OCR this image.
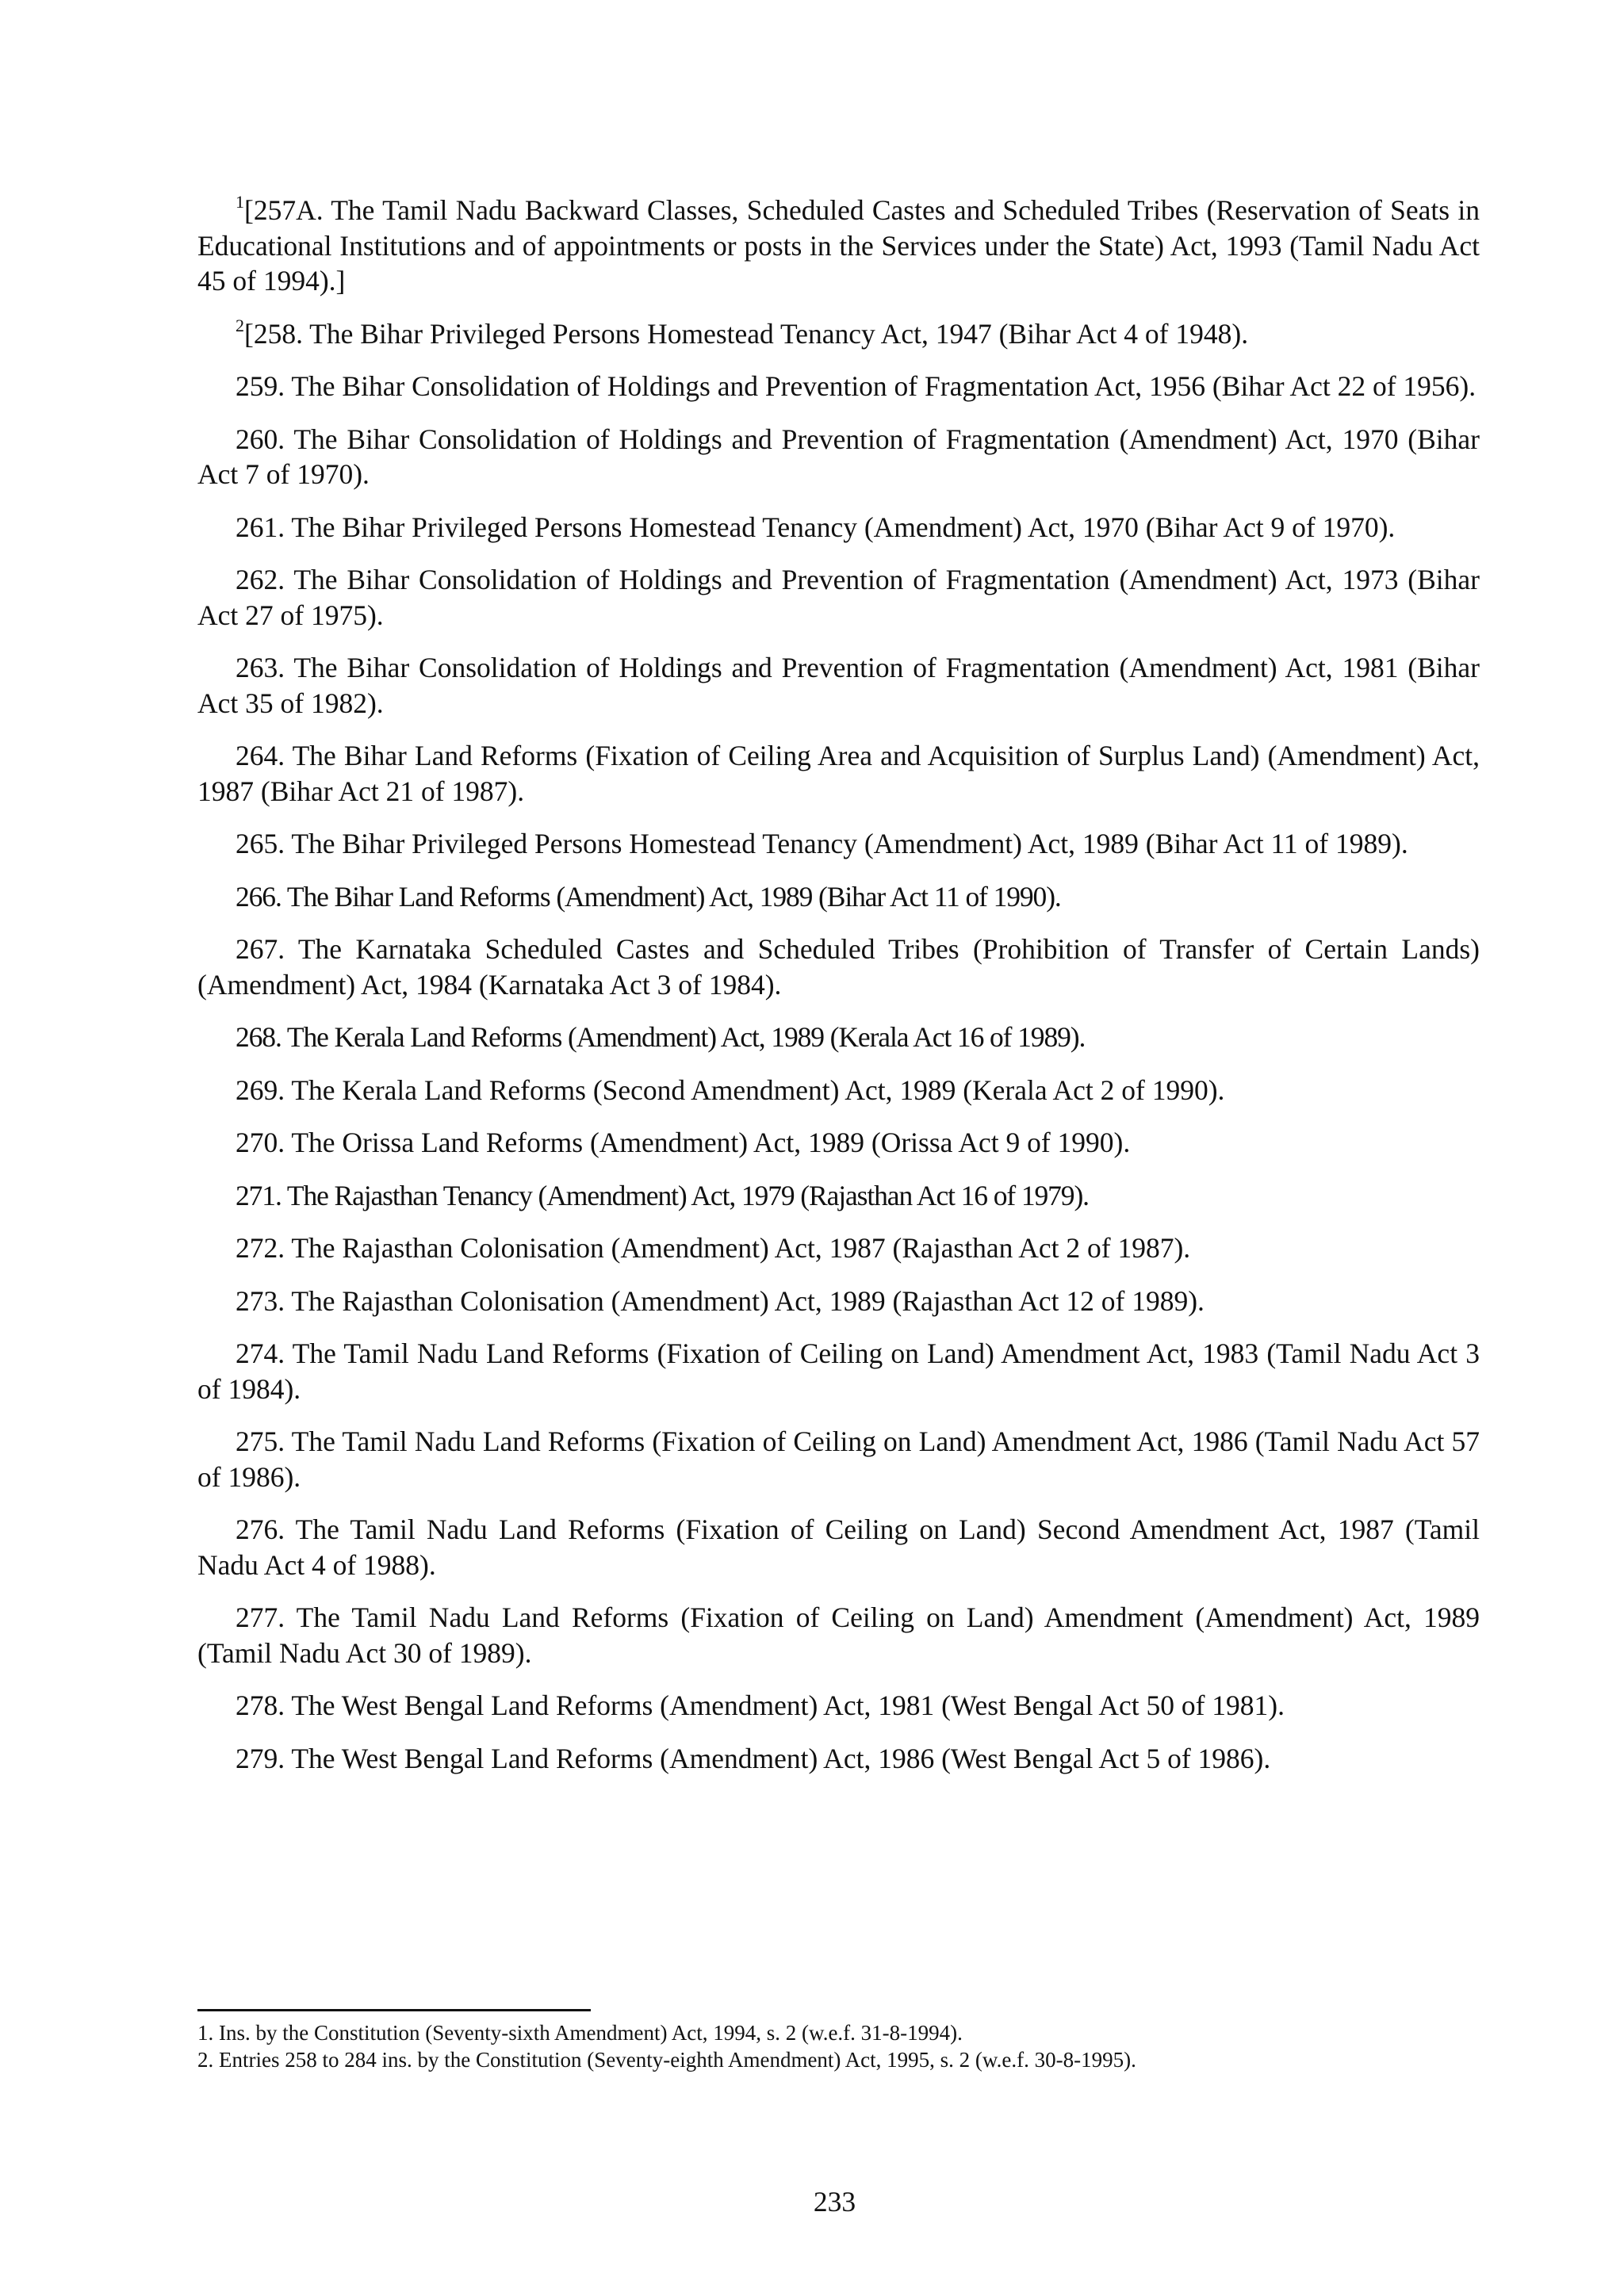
$^1$[257A. The Tamil Nadu Backward Classes, Scheduled Castes and Scheduled Tribes (Reservation of Seats in Educational Institutions and of appointments or posts in the Services under the State) Act, 1993 (Tamil Nadu Act 45 of 1994).]

$^2$[258. The Bihar Privileged Persons Homestead Tenancy Act, 1947 (Bihar Act 4 of 1948).

259. The Bihar Consolidation of Holdings and Prevention of Fragmentation Act, 1956 (Bihar Act 22 of 1956).

260. The Bihar Consolidation of Holdings and Prevention of Fragmentation (Amendment) Act, 1970 (Bihar Act 7 of 1970).

261. The Bihar Privileged Persons Homestead Tenancy (Amendment) Act, 1970 (Bihar Act 9 of 1970).

262. The Bihar Consolidation of Holdings and Prevention of Fragmentation (Amendment) Act, 1973 (Bihar Act 27 of 1975).

263. The Bihar Consolidation of Holdings and Prevention of Fragmentation (Amendment) Act, 1981 (Bihar Act 35 of 1982).

264. The Bihar Land Reforms (Fixation of Ceiling Area and Acquisition of Surplus Land) (Amendment) Act, 1987 (Bihar Act 21 of 1987).

265. The Bihar Privileged Persons Homestead Tenancy (Amendment) Act, 1989 (Bihar Act 11 of 1989).

266. The Bihar Land Reforms (Amendment) Act, 1989 (Bihar Act 11 of 1990).

267. The Karnataka Scheduled Castes and Scheduled Tribes (Prohibition of Transfer of Certain Lands) (Amendment) Act, 1984 (Karnataka Act 3 of 1984).

268. The Kerala Land Reforms (Amendment) Act, 1989 (Kerala Act 16 of 1989).

269. The Kerala Land Reforms (Second Amendment) Act, 1989 (Kerala Act 2 of 1990).

270. The Orissa Land Reforms (Amendment) Act, 1989 (Orissa Act 9 of 1990).

271. The Rajasthan Tenancy (Amendment) Act, 1979 (Rajasthan Act 16 of 1979).

272. The Rajasthan Colonisation (Amendment) Act, 1987 (Rajasthan Act 2 of 1987).

273. The Rajasthan Colonisation (Amendment) Act, 1989 (Rajasthan Act 12 of 1989).

274. The Tamil Nadu Land Reforms (Fixation of Ceiling on Land) Amendment Act, 1983 (Tamil Nadu Act 3 of 1984).

275. The Tamil Nadu Land Reforms (Fixation of Ceiling on Land) Amendment Act, 1986 (Tamil Nadu Act 57 of 1986).

276. The Tamil Nadu Land Reforms (Fixation of Ceiling on Land) Second Amendment Act, 1987 (Tamil Nadu Act 4 of 1988).

277. The Tamil Nadu Land Reforms (Fixation of Ceiling on Land) Amendment (Amendment) Act, 1989 (Tamil Nadu Act 30 of 1989).

278. The West Bengal Land Reforms (Amendment) Act, 1981 (West Bengal Act 50 of 1981).

279. The West Bengal Land Reforms (Amendment) Act, 1986 (West Bengal Act 5 of 1986).

1. Ins. by the Constitution (Seventy-sixth Amendment) Act, 1994, s. 2 (w.e.f. 31-8-1994).

2. Entries 258 to 284 ins. by the Constitution (Seventy-eighth Amendment) Act, 1995, s. 2 (w.e.f. 30-8-1995).

233
